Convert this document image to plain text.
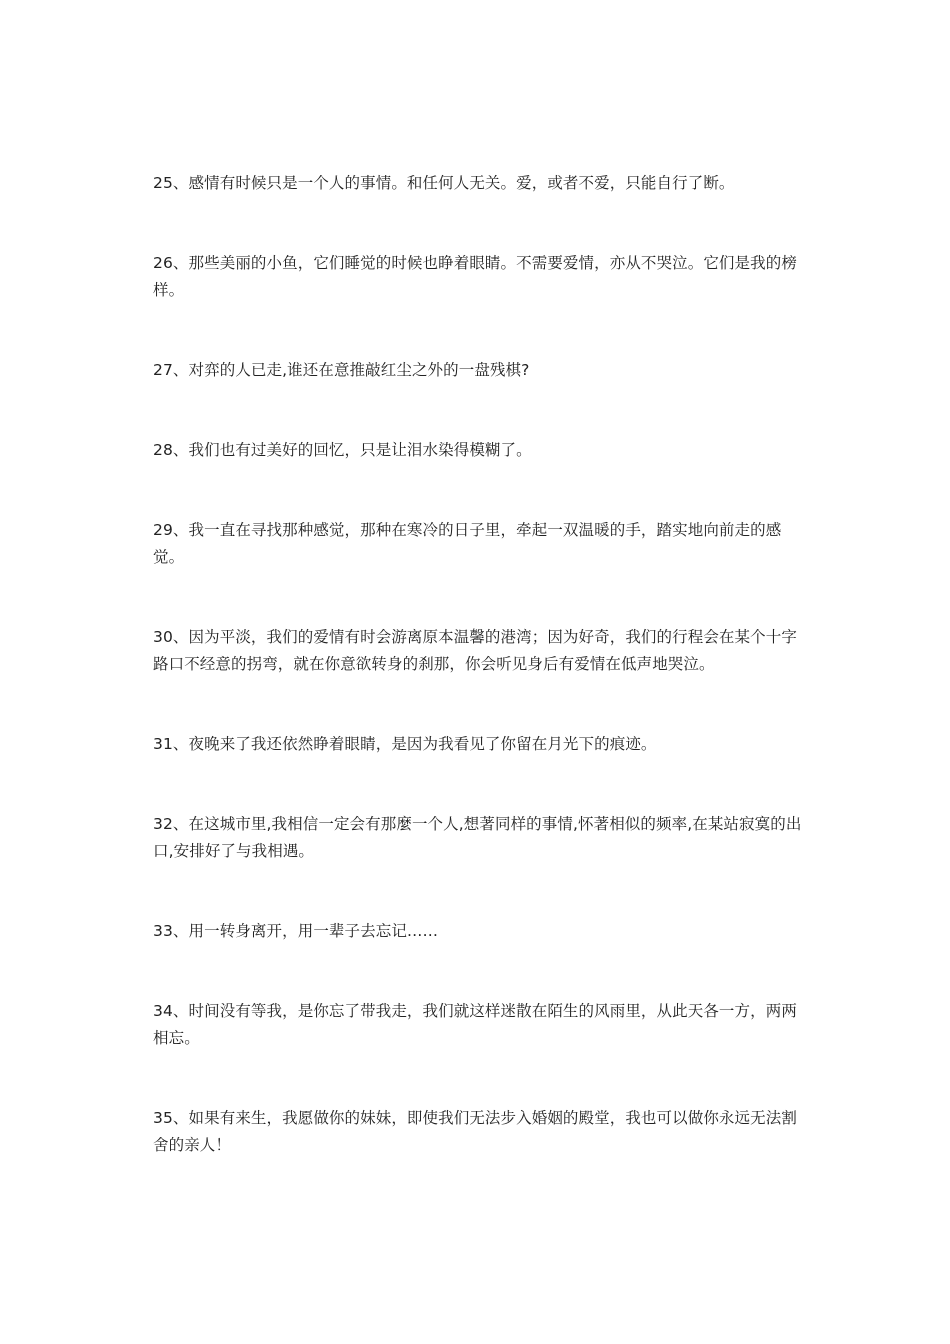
25、感情有时候只是一个人的事情。和任何人无关。爱，或者不爱，只能自行了断。

26、那些美丽的小鱼，它们睡觉的时候也睁着眼睛。不需要爱情，亦从不哭泣。它们是我的榜样。

27、对弈的人已走,谁还在意推敲红尘之外的一盘残棋?

28、我们也有过美好的回忆，只是让泪水染得模糊了。

29、我一直在寻找那种感觉，那种在寒冷的日子里，牵起一双温暖的手，踏实地向前走的感觉。

30、因为平淡，我们的爱情有时会游离原本温馨的港湾；因为好奇，我们的行程会在某个十字路口不经意的拐弯，就在你意欲转身的刹那，你会听见身后有爱情在低声地哭泣。

31、夜晚来了我还依然睁着眼睛，是因为我看见了你留在月光下的痕迹。

32、在这城市里,我相信一定会有那麼一个人,想著同样的事情,怀著相似的频率,在某站寂寞的出口,安排好了与我相遇。

33、用一转身离开，用一辈子去忘记……

34、时间没有等我，是你忘了带我走，我们就这样迷散在陌生的风雨里，从此天各一方，两两相忘。

35、如果有来生，我愿做你的妹妹，即使我们无法步入婚姻的殿堂，我也可以做你永远无法割舍的亲人！
